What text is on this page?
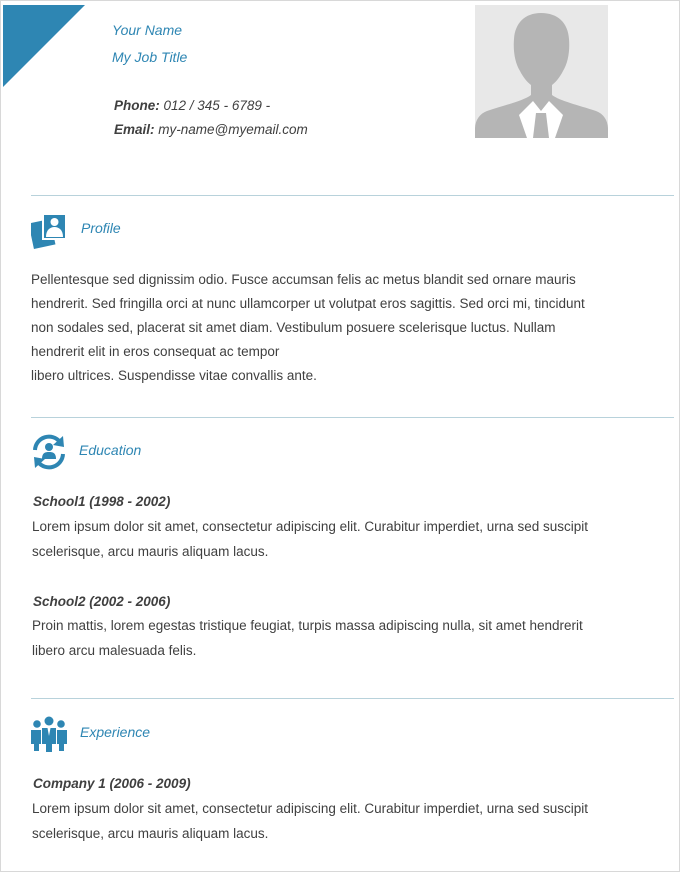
Your Name
My Job Title
Phone: 012 / 345 - 6789 -
Email: my-name@myemail.com
Profile
Pellentesque sed dignissim odio. Fusce accumsan felis ac metus blandit sed ornare mauris
hendrerit. Sed fringilla orci at nunc ullamcorper ut volutpat eros sagittis. Sed orci mi, tincidunt
non sodales sed, placerat sit amet diam. Vestibulum posuere scelerisque luctus. Nullam
hendrerit elit in eros consequat ac tempor
libero ultrices. Suspendisse vitae convallis ante.
Education
School1 (1998 - 2002)
Lorem ipsum dolor sit amet, consectetur adipiscing elit. Curabitur imperdiet, urna sed suscipit
scelerisque, arcu mauris aliquam lacus.
School2 (2002 - 2006)
Proin mattis, lorem egestas tristique feugiat, turpis massa adipiscing nulla, sit amet hendrerit
libero arcu malesuada felis.
Experience
Company 1 (2006 - 2009)
Lorem ipsum dolor sit amet, consectetur adipiscing elit. Curabitur imperdiet, urna sed suscipit
scelerisque, arcu mauris aliquam lacus.
